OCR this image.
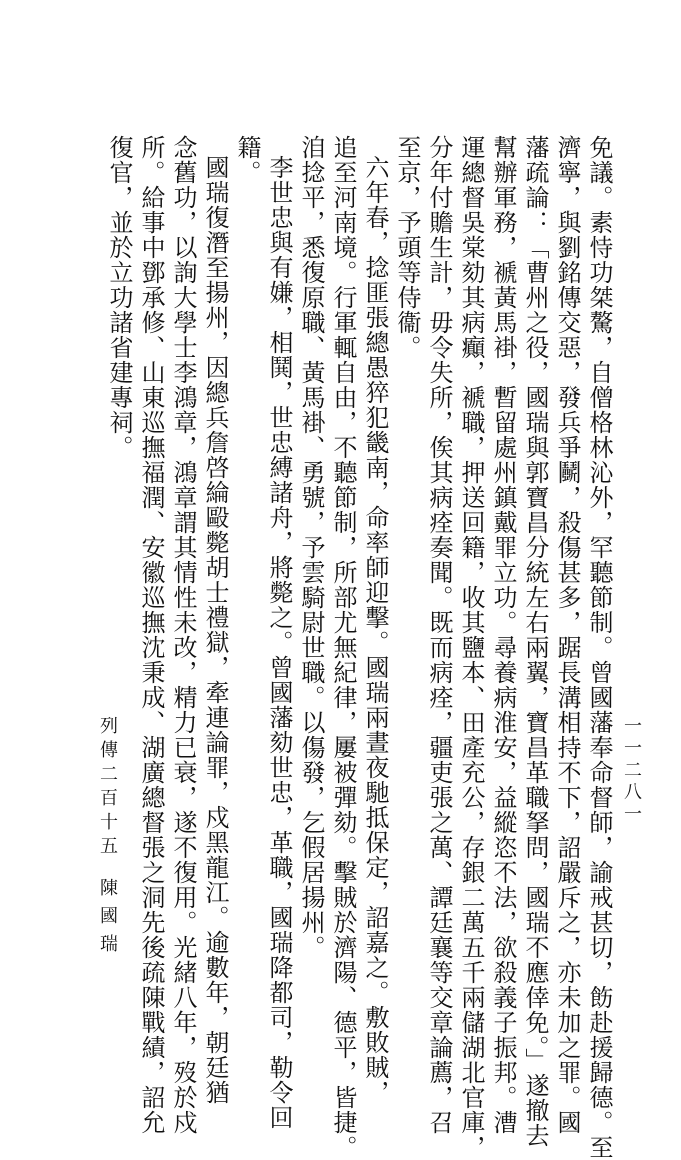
免議。素恃功桀驁，自僧格林沁外，罕聽節制。曾國藩奉命督師，諭戒甚切，飭赴援歸德。至
濟寧，與劉銘傳交惡，發兵爭鬭，殺傷甚多，踞長溝相持不下，詔嚴斥之，亦未加之罪。國
藩疏論：「曹州之役，國瑞與郭寶昌分統左右兩翼，寶昌革職拏問，國瑞不應倖免。」遂撤去
幫辦軍務，褫黃馬褂，暫留處州鎮戴罪立功。尋養病淮安，益縱恣不法，欲殺義子振邦。漕
運總督吳棠劾其病癲，褫職，押送回籍，收其鹽本、田產充公，存銀二萬五千兩儲湖北官庫，
分年付贍生計，毋令失所，俟其病痊奏聞。既而病痊，疆吏張之萬、譚廷襄等交章論薦，召
至京，予頭等侍衞。
六年春，捻匪張總愚猝犯畿南，命率師迎擊。國瑞兩晝夜馳抵保定，詔嘉之。敷敗賊，
追至河南境。行軍輒自由，不聽節制，所部尤無紀律，屢被彈劾。擊賊於濟陽、德平，皆捷。
洎捻平，悉復原職、黃馬褂、勇號，予雲騎尉世職。以傷發，乞假居揚州。
李世忠與有嫌，相鬨，世忠縛諸舟，將斃之。曾國藩劾世忠，革職，國瑞降都司，勒令回
籍。
國瑞復潛至揚州，因總兵詹啓綸毆斃胡士禮獄，牽連論罪，戍黑龍江。逾數年，朝廷猶
念舊功，以詢大學士李鴻章，鴻章謂其情性未改，精力已衰，遂不復用。光緒八年，歿於戍
所。給事中鄧承修、山東巡撫福潤、安徽巡撫沈秉成、湖廣總督張之洞先後疏陳戰績，詔允
復官，並於立功諸省建專祠。
一一二八一
列傳二百十五
陳國瑞
